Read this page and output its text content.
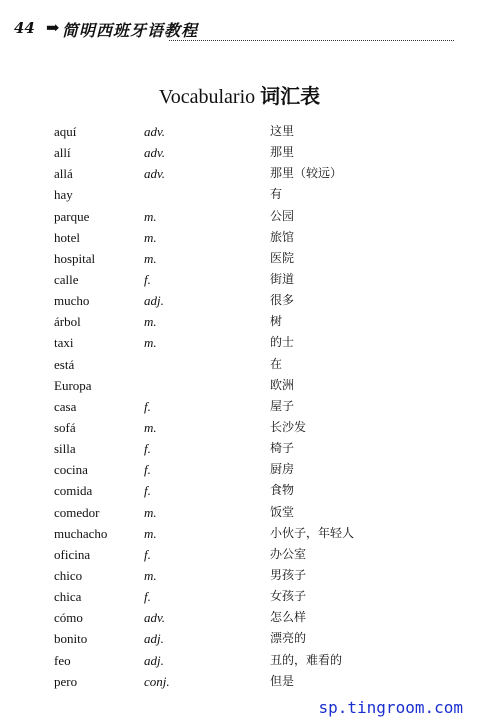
44 ➡ 简明西班牙语教程
Vocabulario 词汇表
aquí	adv.	这里
allí	adv.	那里
allá	adv.	那里（较远）
hay	有
parque	m.	公园
hotel	m.	旅馆
hospital	m.	医院
calle	f.	街道
mucho	adj.	很多
árbol	m.	树
taxi	m.	的士
está	在
Europa	欧洲
casa	f.	屋子
sofá	m.	长沙发
silla	f.	椅子
cocina	f.	厨房
comida	f.	食物
comedor	m.	饭堂
muchacho	m.	小伙子，年轻人
oficina	f.	办公室
chico	m.	男孩子
chica	f.	女孩子
cómo	adv.	怎么样
bonito	adj.	漂亮的
feo	adj.	丑的，难看的
pero	conj.	但是
sp.tingroom.com
